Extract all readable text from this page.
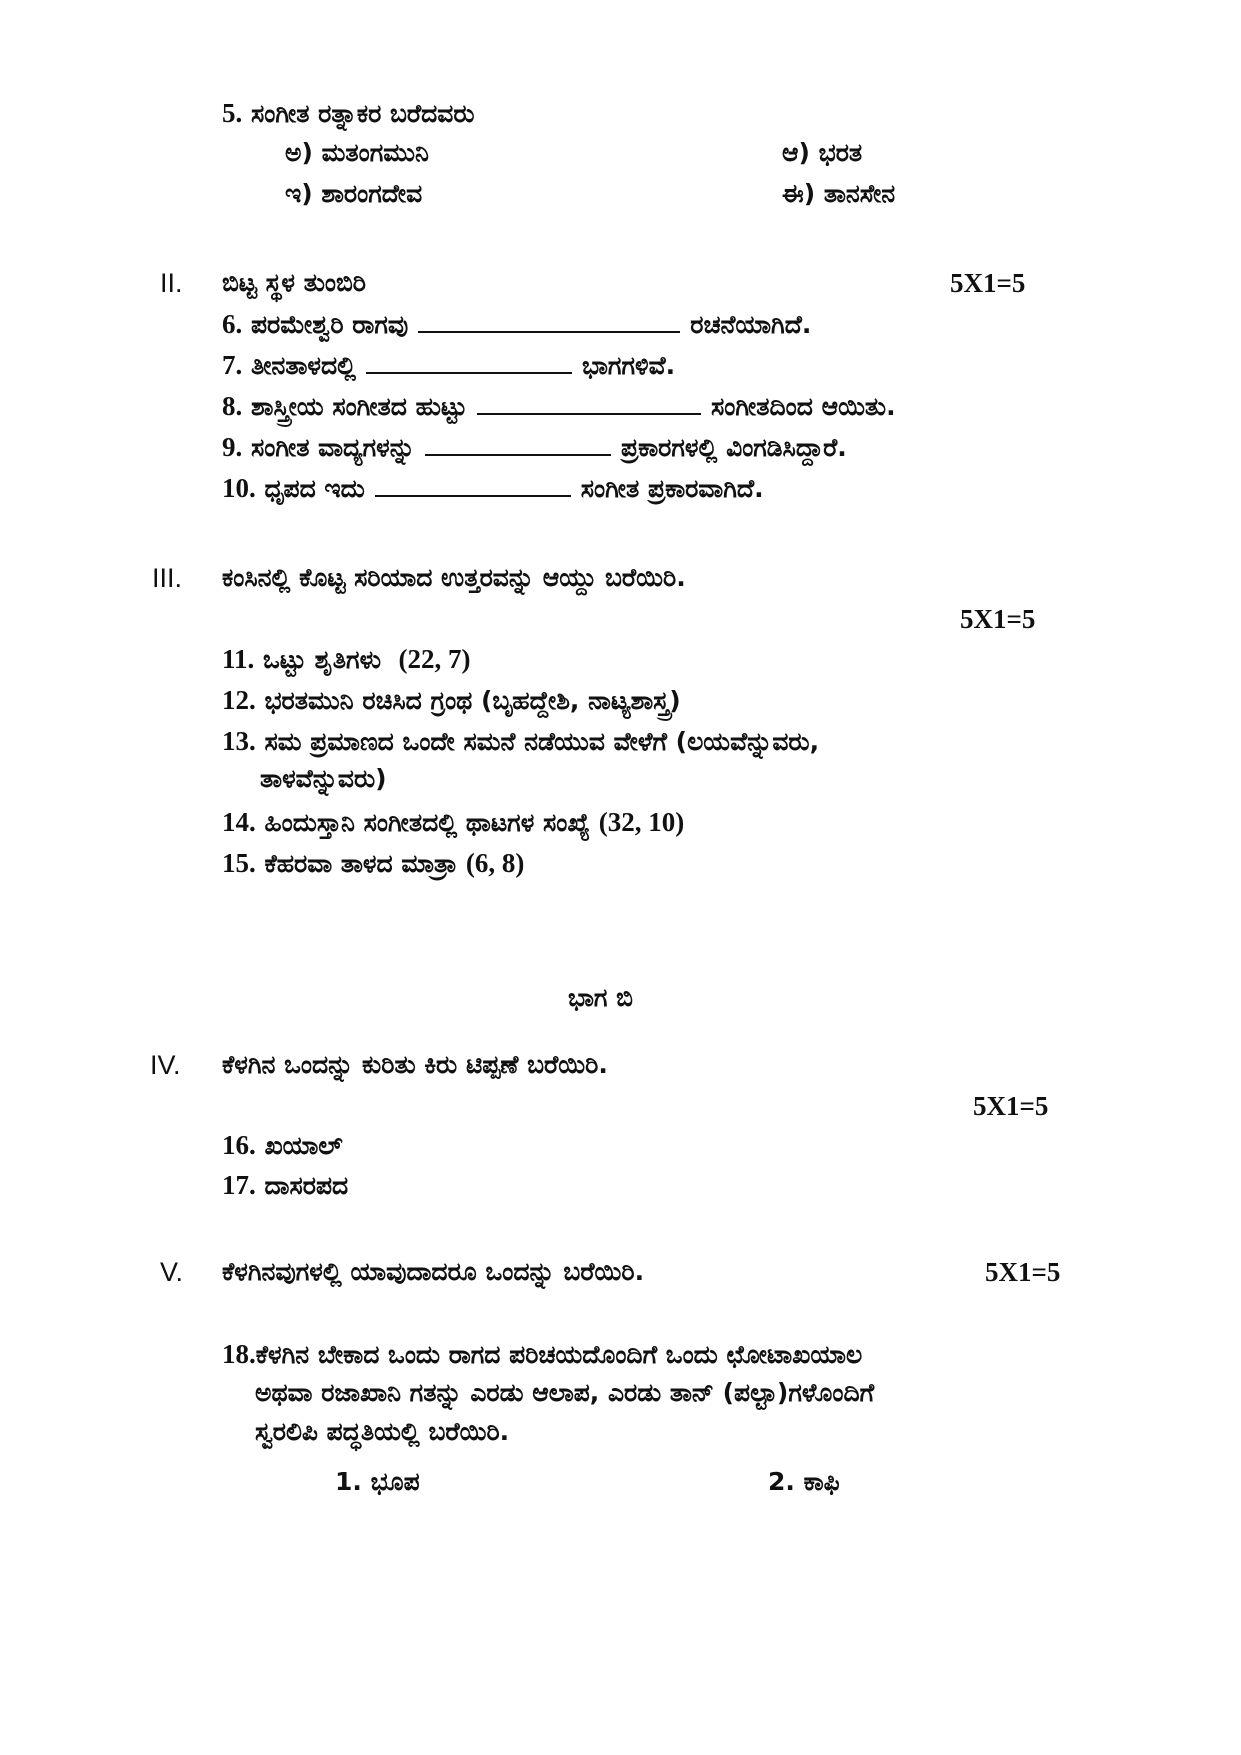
5. ಸಂಗೀತ ರತ್ನಾಕರ ಬರೆದವರು
ಅ) ಮತಂಗಮುನಿ	ಆ) ಭರತ
ಇ) ಶಾರಂಗದೇವ	ಈ) ತಾನಸೇನ
II. ಬಿಟ್ಟ ಸ್ಥಳ ತುಂಬಿರಿ	5X1=5
6. ಪರಮೇಶ್ವರಿ ರಾಗವು	ರಚನೆಯಾಗಿದೆ.
7. ತೀನತಾಳದಲ್ಲಿ	ಭಾಗಗಳಿವೆ.
8. ಶಾಸ್ತ್ರೀಯ ಸಂಗೀತದ ಹುಟ್ಟು	ಸಂಗೀತದಿಂದ ಆಯಿತು.
9. ಸಂಗೀತ ವಾದ್ಯಗಳನ್ನು	ಪ್ರಕಾರಗಳಲ್ಲಿ ವಿಂಗಡಿಸಿದ್ದಾರೆ.
10. ಧೃಪದ ಇದು	ಸಂಗೀತ ಪ್ರಕಾರವಾಗಿದೆ.
III. ಕಂಸಿನಲ್ಲಿ ಕೊಟ್ಟ ಸರಿಯಾದ ಉತ್ತರವನ್ನು ಆಯ್ದು ಬರೆಯಿರಿ.
5X1=5
11. ಒಟ್ಟು ಶೃತಿಗಳು (22, 7)
12. ಭರತಮುನಿ ರಚಿಸಿದ ಗ್ರಂಥ (ಬೃಹದ್ದೇಶಿ, ನಾಟ್ಯಶಾಸ್ತ್ರ)
13. ಸಮ ಪ್ರಮಾಣದ ಒಂದೇ ಸಮನೆ ನಡೆಯುವ ವೇಳೆಗೆ (ಲಯವೆನ್ನುವರು,
ತಾಳವೆನ್ನುವರು)
14. ಹಿಂದುಸ್ತಾನಿ ಸಂಗೀತದಲ್ಲಿ ಥಾಟಗಳ ಸಂಖ್ಯೆ (32, 10)
15. ಕೆಹರವಾ ತಾಳದ ಮಾತ್ರಾ (6, 8)
ಭಾಗ ಬಿ
IV. ಕೆಳಗಿನ ಒಂದನ್ನು ಕುರಿತು ಕಿರು ಟಿಪ್ಪಣೆ ಬರೆಯಿರಿ.
5X1=5
16. ಖಯಾಲ್
17. ದಾಸರಪದ
V. ಕೆಳಗಿನವುಗಳಲ್ಲಿ ಯಾವುದಾದರೂ ಒಂದನ್ನು ಬರೆಯಿರಿ.	5X1=5
18.ಕೆಳಗಿನ ಬೇಕಾದ ಒಂದು ರಾಗದ ಪರಿಚಯದೊಂದಿಗೆ ಒಂದು ಛೋಟಾಖಯಾಲ
ಅಥವಾ ರಜಾಖಾನಿ ಗತನ್ನು ಎರಡು ಆಲಾಪ, ಎರಡು ತಾನ್ (ಪಲ್ಟಾ)ಗಳೊಂದಿಗೆ
ಸ್ವರಲಿಪಿ ಪದ್ಧತಿಯಲ್ಲಿ ಬರೆಯಿರಿ.
1. ಭೂಪ	2. ಕಾಫಿ
